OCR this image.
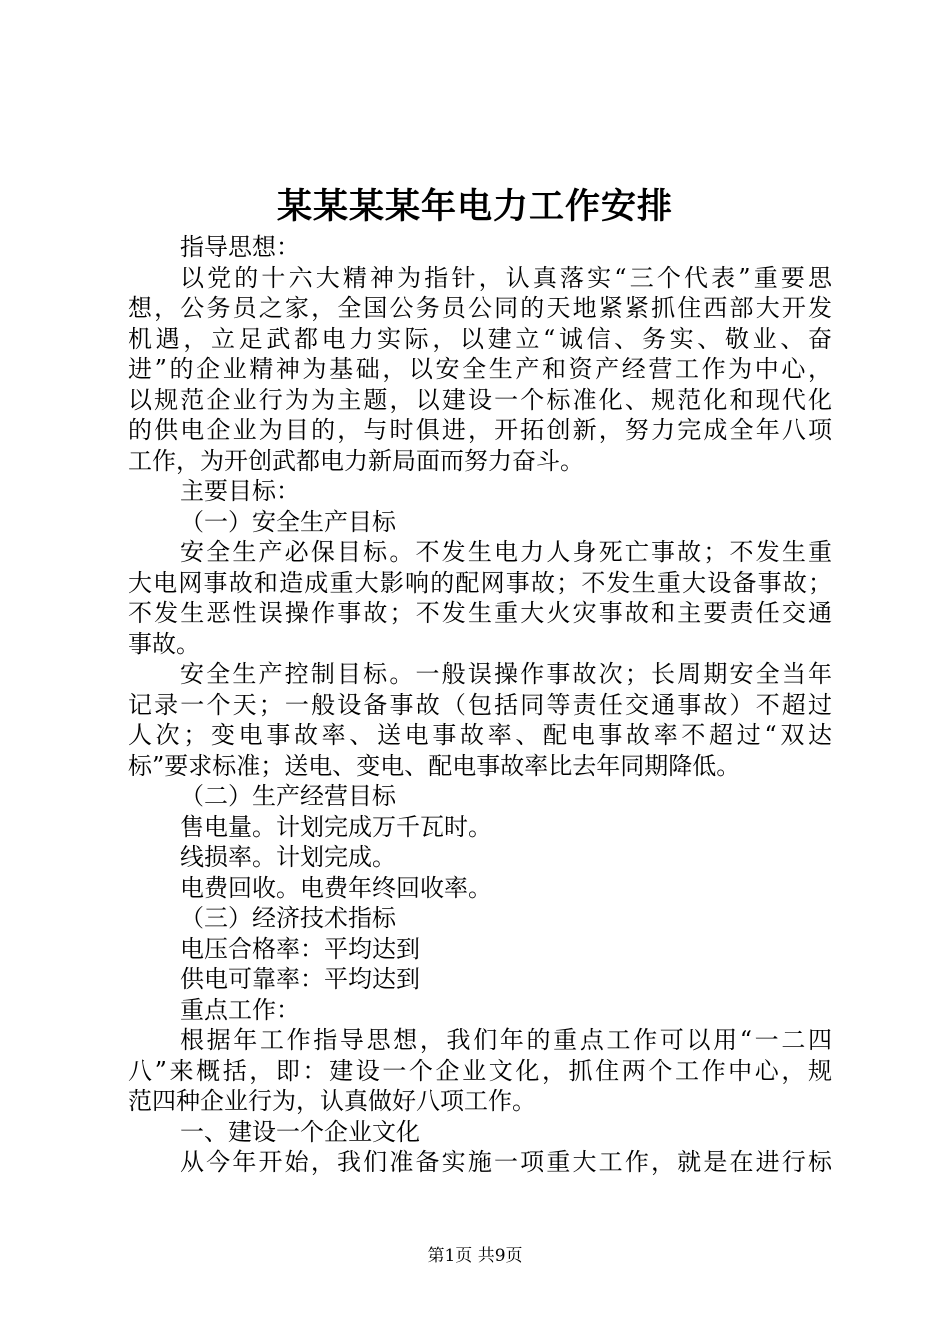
某某某某年电力工作安排
指导思想：
以党的十六大精神为指针，认真落实“三个代表”重要思
想，公务员之家，全国公务员公同的天地紧紧抓住西部大开发
机遇，立足武都电力实际，以建立“诚信、务实、敬业、奋
进”的企业精神为基础，以安全生产和资产经营工作为中心，
以规范企业行为为主题，以建设一个标准化、规范化和现代化
的供电企业为目的，与时俱进，开拓创新，努力完成全年八项
工作，为开创武都电力新局面而努力奋斗。
主要目标：
（一）安全生产目标
安全生产必保目标。不发生电力人身死亡事故；不发生重
大电网事故和造成重大影响的配网事故；不发生重大设备事故；
不发生恶性误操作事故；不发生重大火灾事故和主要责任交通
事故。
安全生产控制目标。一般误操作事故次；长周期安全当年
记录一个天；一般设备事故（包括同等责任交通事故）不超过
人次；变电事故率、送电事故率、配电事故率不超过“双达
标”要求标准；送电、变电、配电事故率比去年同期降低。
（二）生产经营目标
售电量。计划完成万千瓦时。
线损率。计划完成。
电费回收。电费年终回收率。
（三）经济技术指标
电压合格率：平均达到
供电可靠率：平均达到
重点工作：
根据年工作指导思想，我们年的重点工作可以用“一二四
八”来概括，即：建设一个企业文化，抓住两个工作中心，规
范四种企业行为，认真做好八项工作。
一、建设一个企业文化
从今年开始，我们准备实施一项重大工作，就是在进行标
第1页 共9页
